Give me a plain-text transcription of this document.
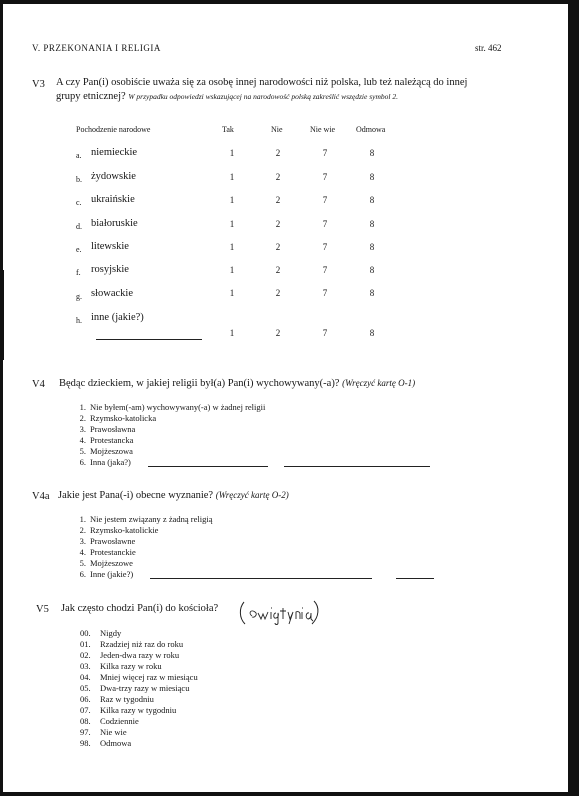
V. PRZEKONANIA I RELIGIA	str. 462
V3 A czy Pan(i) osobiście uważa się za osobę innej narodowości niż polska, lub też należącą do innej
grupy etnicznej? W przypadku odpowiedzi wskazującej na narodowość polską zakreślić wszędzie symbol 2.
Pochodzenie narodowe	Tak	Nie	Nie wie	Odmowa
a. niemieckie	1	2	7	8
b. żydowskie	1	2	7	8
c. ukraińskie	1	2	7	8
d. białoruskie	1	2	7	8
e. litewskie	1	2	7	8
f. rosyjskie	1	2	7	8
g. słowackie	1	2	7	8
h. inne (jakie?)
1	2	7	8
V4 Będąc dzieckiem, w jakiej religii był(a) Pan(i) wychowywany(-a)? (Wręczyć kartę O-1)
1. Nie byłem(-am) wychowywany(-a) w żadnej religii
2. Rzymsko-katolicka
3. Prawosławna
4. Protestancka
5. Mojżeszowa
6. Inna (jaka?)
V4a Jakie jest Pana(-i) obecne wyznanie? (Wręczyć kartę O-2)
1. Nie jestem związany z żadną religią
2. Rzymsko-katolickie
3. Prawosławne
4. Protestanckie
5. Mojżeszowe
6. Inne (jakie?)
V5 Jak często chodzi Pan(i) do kościoła?
00. Nigdy
01. Rzadziej niż raz do roku
02. Jeden-dwa razy w roku
03. Kilka razy w roku
04. Mniej więcej raz w miesiącu
05. Dwa-trzy razy w miesiącu
06. Raz w tygodniu
07. Kilka razy w tygodniu
08. Codziennie
97. Nie wie
98. Odmowa
